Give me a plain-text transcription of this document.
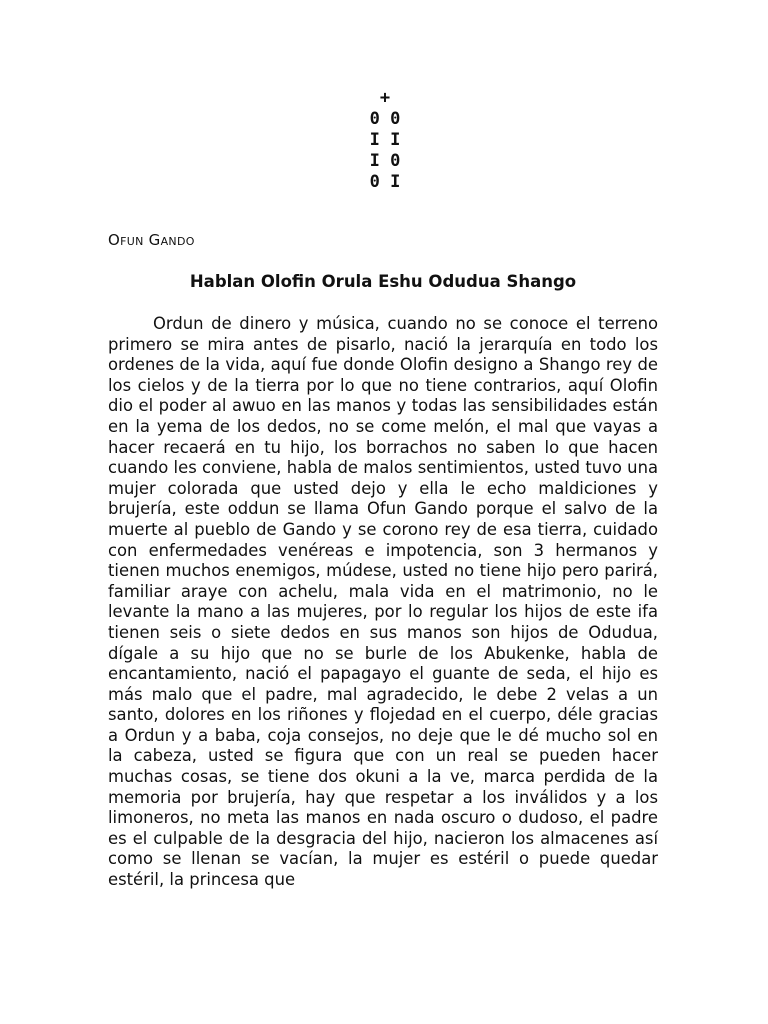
+
0 0
I I
I 0
0 I
Ofun Gando
Hablan Olofin Orula Eshu Odudua Shango

Ordun de dinero y música, cuando no se conoce el terreno primero se mira antes de pisarlo, nació la jerarquía en todo los ordenes de la vida, aquí fue donde Olofin designo a Shango rey de los cielos y de la tierra por lo que no tiene contrarios, aquí Olofin dio el poder al awuo en las manos y todas las sensibilidades están en la yema de los dedos, no se come melón, el mal que vayas a hacer recaerá en tu hijo, los borrachos no saben lo que hacen cuando les conviene, habla de malos sentimientos, usted tuvo una mujer colorada que usted dejo y ella le echo maldiciones y brujería, este oddun se llama Ofun Gando porque el salvo de la muerte al pueblo de Gando y se corono rey de esa tierra, cuidado con enfermedades venéreas e impotencia, son 3 hermanos y tienen muchos enemigos, múdese, usted no tiene hijo pero parirá, familiar araye con achelu, mala vida en el matrimonio, no le levante la mano a las mujeres, por lo regular los hijos de este ifa tienen seis o siete dedos en sus manos son hijos de Odudua, dígale a su hijo que no se burle de los Abukenke, habla de encantamiento, nació el papagayo el guante de seda, el hijo es más malo que el padre, mal agradecido, le debe 2 velas a un santo, dolores en los riñones y flojedad en el cuerpo, déle gracias a Ordun y a baba, coja consejos, no deje que le dé mucho sol en la cabeza, usted se figura que con un real se pueden hacer muchas cosas, se tiene dos okuni a la ve, marca perdida de la memoria por brujería, hay que respetar a los inválidos y a los limoneros, no meta las manos en nada oscuro o dudoso, el padre es el culpable de la desgracia del hijo, nacieron los almacenes así como se llenan se vacían, la mujer es estéril o puede quedar estéril, la princesa que
